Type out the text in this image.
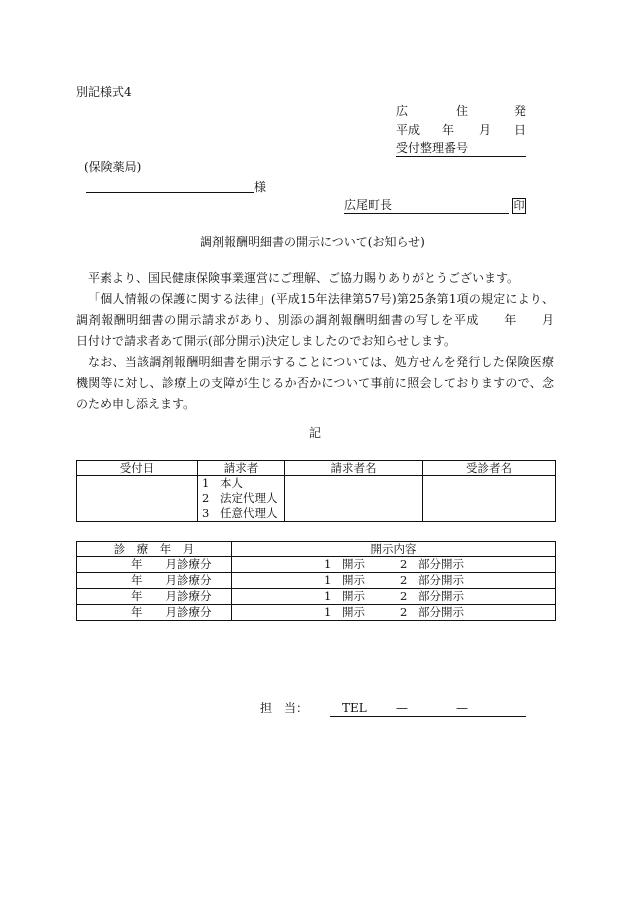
別記様式4
広	住	発
平成 年 月 日
受付整理番号
(保険薬局)
様
広尾町長	印
調剤報酬明細書の開示について(お知らせ)

平素より、国民健康保険事業運営にご理解、ご協力賜りありがとうございます。

「個人情報の保護に関する法律」(平成15年法律第57号)第25条第1項の規定により、調剤報酬明細書の開示請求があり、別添の調剤報酬明細書の写しを平成　　年　　月　　日付けで請求者あて開示(部分開示)決定しましたのでお知らせします。

なお、当該調剤報酬明細書を開示することについては、処方せんを発行した保険医療機関等に対し、診療上の支障が生じるか否かについて事前に照会しておりますので、念のため申し添えます。

記
受付日	請求者	請求者名	受診者名

	1 本人
2 法定代理人
3 任意代理人		

診　療　年　月	開示内容
年　　月診療分	1 開示 2 部分開示
年　　月診療分	1 開示 2 部分開示
年　　月診療分	1 開示 2 部分開示
年　　月診療分	1 開示 2 部分開示
担　当：	TEL —	—
